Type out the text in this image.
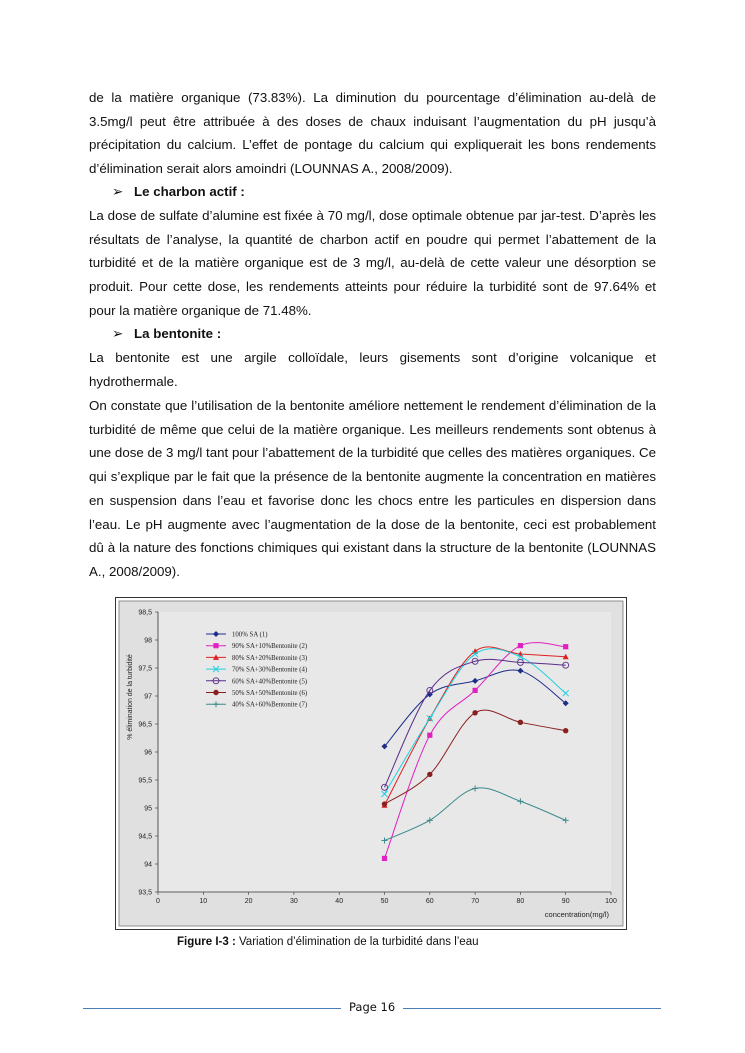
de la matière organique (73.83%). La diminution du pourcentage d’élimination au-delà de 3.5mg/l peut être attribuée à des doses de chaux induisant l’augmentation du pH jusqu’à précipitation du calcium. L’effet de pontage du calcium qui expliquerait les bons rendements d’élimination serait alors amoindri (LOUNNAS A., 2008/2009).

➢ Le charbon actif :

La dose de sulfate d’alumine est fixée à 70 mg/l, dose optimale obtenue par jar-test. D’après les résultats de l’analyse, la quantité de charbon actif en poudre qui permet l’abattement de la turbidité et de la matière organique est de 3 mg/l, au-delà de cette valeur une désorption se produit. Pour cette dose, les rendements atteints pour réduire la turbidité sont de 97.64% et pour la matière organique de 71.48%.

➢ La bentonite :

La bentonite est une argile colloïdale, leurs gisements sont d’origine volcanique et hydrothermale.

On constate que l’utilisation de la bentonite améliore nettement le rendement d’élimination de la turbidité de même que celui de la matière organique. Les meilleurs rendements sont obtenus à une dose de 3 mg/l tant pour l’abattement de la turbidité que celles des matières organiques. Ce qui s’explique par le fait que la présence de la bentonite augmente la concentration en matières en suspension dans l’eau et favorise donc les chocs entre les particules en dispersion dans l’eau. Le pH augmente avec l’augmentation de la dose de la bentonite, ceci est probablement dû à la nature des fonctions chimiques qui existant dans la structure de la bentonite (LOUNNAS A., 2008/2009).

93,5
94
94,5
95
95,5
96
96,5
97
97,5
98
98,5
0	10	20	30	40	50	60	70	80	90	100
concentration(mg/l)
% élimination de la turbidité
100% SA (1)
90% SA+10%Bentonite (2)
80% SA+20%Bentonite (3)
70% SA+30%Bentonite (4)
60% SA+40%Bentonite (5)
50% SA+50%Bentonite (6)
40% SA+60%Bentonite (7)
Figure I-3 : Variation d’élimination de la turbidité dans l’eau
Page 16
